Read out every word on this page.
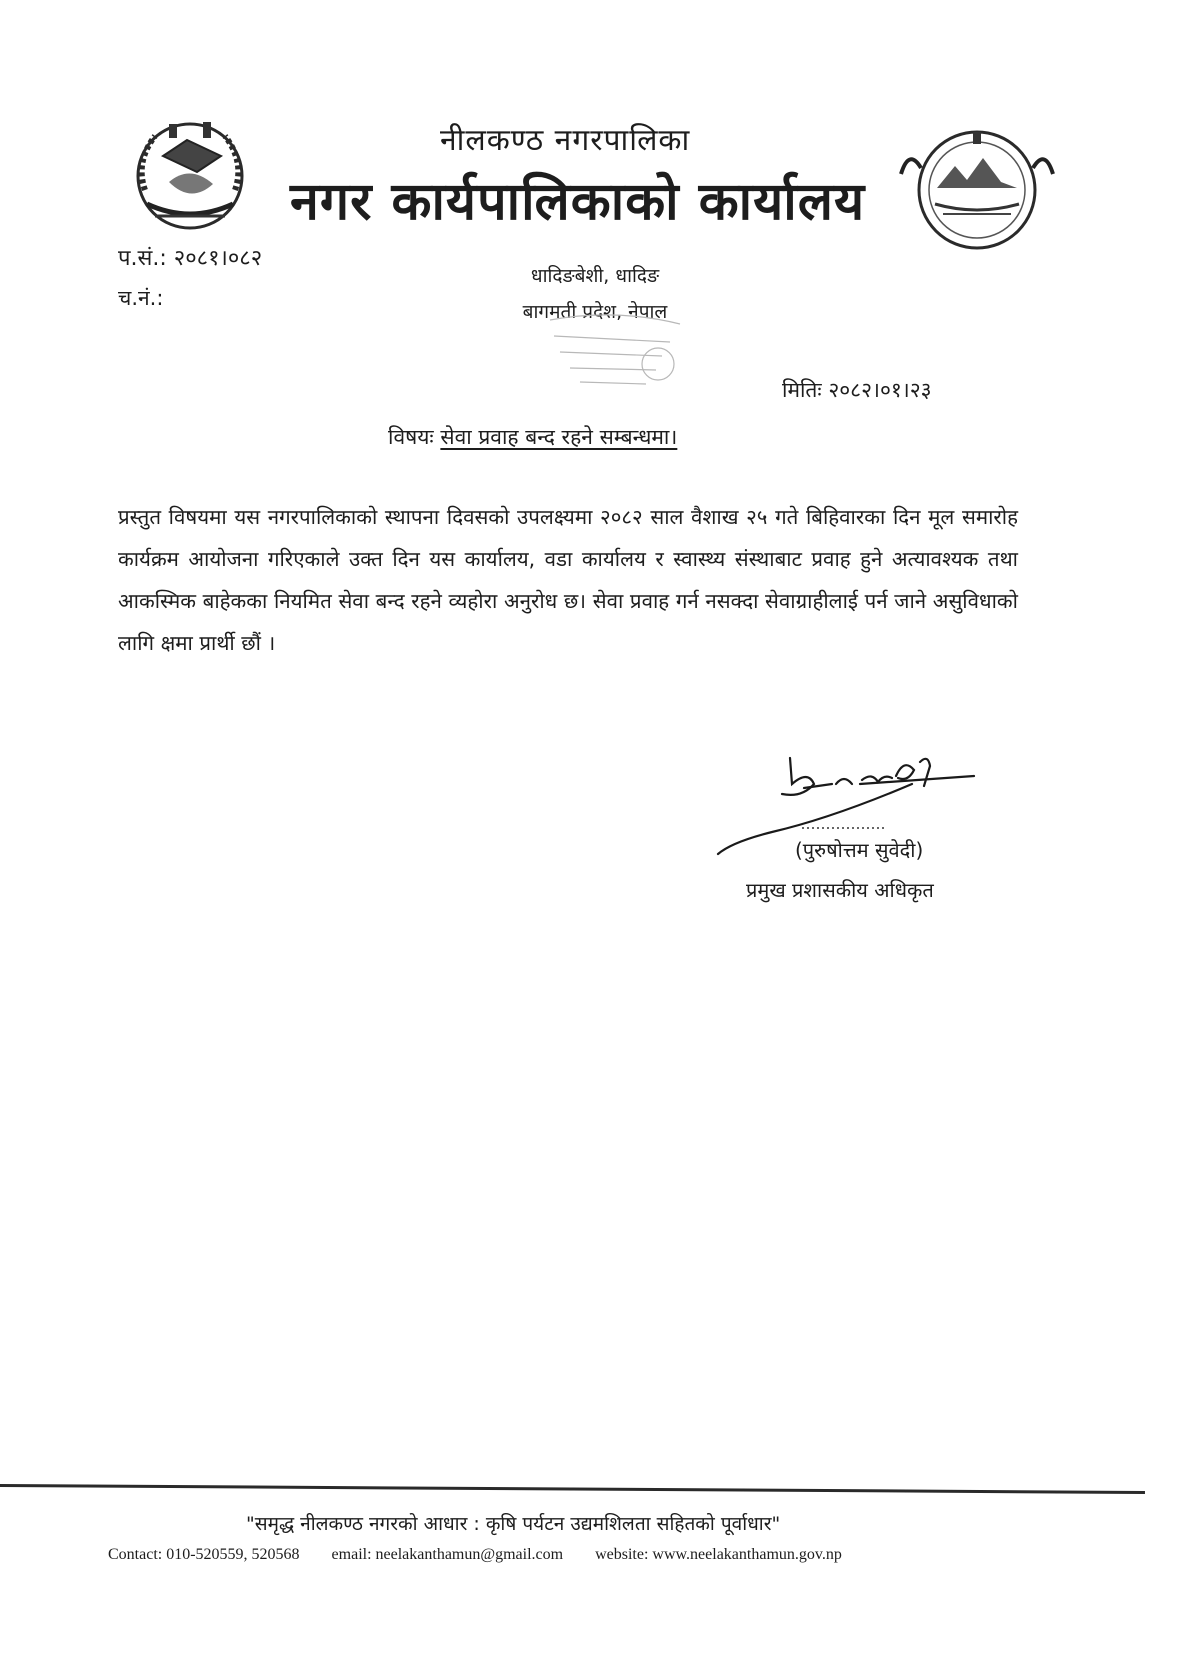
नीलकण्ठ नगरपालिका
नगर कार्यपालिकाको कार्यालय
प.सं.: २०८१।०८२
च.नं.:
धादिङबेशी, धादिङ
बागमती प्रदेश, नेपाल
मितिः २०८२।०१।२३
विषयः सेवा प्रवाह बन्द रहने सम्बन्धमा।
प्रस्तुत विषयमा यस नगरपालिकाको स्थापना दिवसको उपलक्ष्यमा २०८२ साल वैशाख २५ गते बिहिवारका दिन मूल समारोह कार्यक्रम आयोजना गरिएकाले उक्त दिन यस कार्यालय, वडा कार्यालय र स्वास्थ्य संस्थाबाट प्रवाह हुने अत्यावश्यक तथा आकस्मिक बाहेकका नियमित सेवा बन्द रहने व्यहोरा अनुरोध छ। सेवा प्रवाह गर्न नसक्दा सेवाग्राहीलाई पर्न जाने असुविधाको लागि क्षमा प्रार्थी छौं ।
(पुरुषोत्तम सुवेदी)
प्रमुख प्रशासकीय अधिकृत
"समृद्ध नीलकण्ठ नगरको आधार : कृषि पर्यटन उद्यमशिलता सहितको पूर्वाधार"
Contact: 010-520559, 520568 email: neelakanthamun@gmail.com website: www.neelakanthamun.gov.np
